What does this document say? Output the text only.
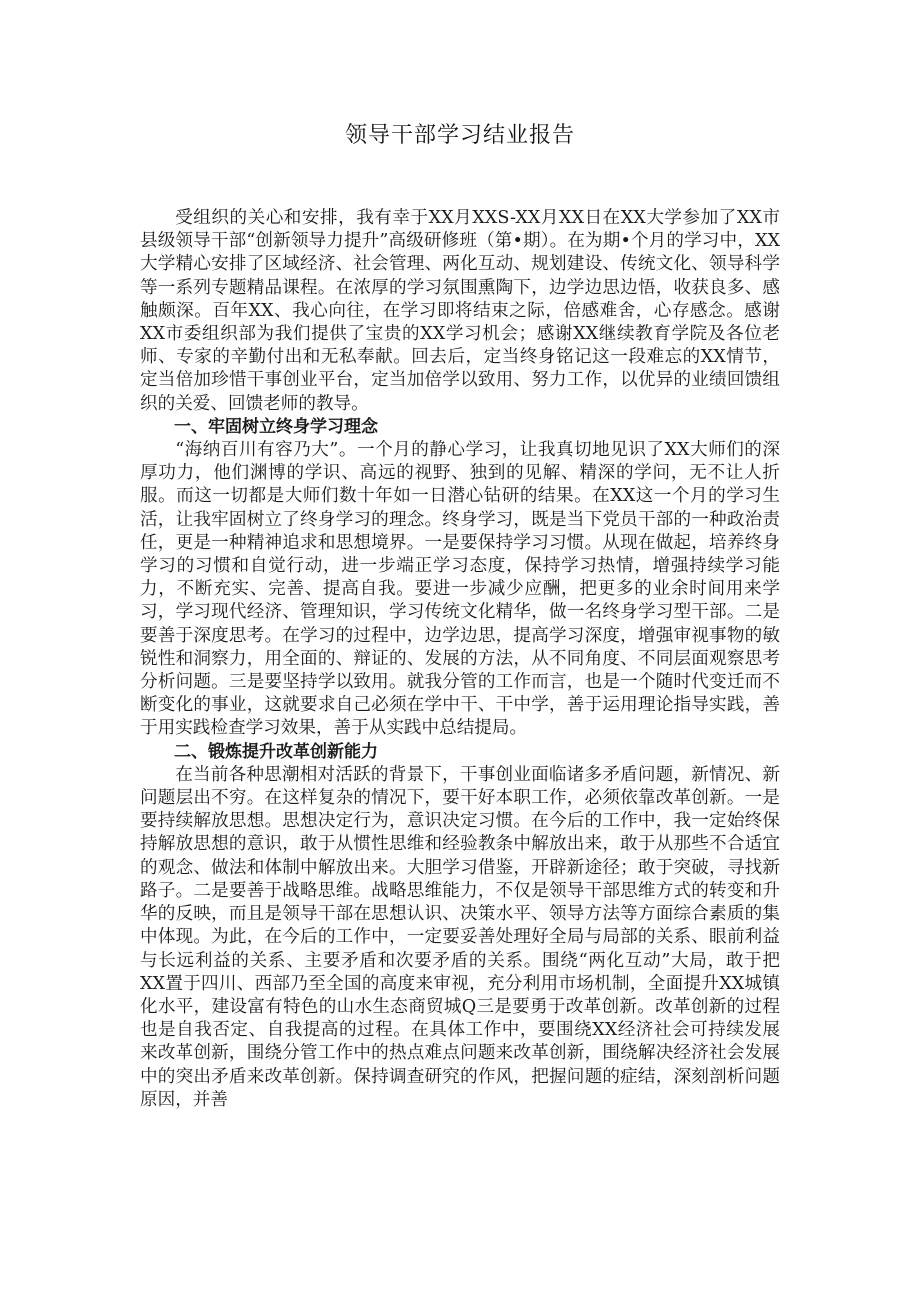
领导干部学习结业报告

受组织的关心和安排，我有幸于XX月XXS-XX月XX日在XX大学参加了XX市县级领导干部“创新领导力提升”高级研修班（第•期）。在为期•个月的学习中，XX大学精心安排了区域经济、社会管理、两化互动、规划建设、传统文化、领导科学等一系列专题精品课程。在浓厚的学习氛围熏陶下，边学边思边悟，收获良多、感触颇深。百年XX、我心向往，在学习即将结束之际，倍感难舍，心存感念。感谢XX市委组织部为我们提供了宝贵的XX学习机会；感谢XX继续教育学院及各位老师、专家的辛勤付出和无私奉献。回去后，定当终身铭记这一段难忘的XX情节，定当倍加珍惜干事创业平台，定当加倍学以致用、努力工作，以优异的业绩回馈组织的关爱、回馈老师的教导。

一、牢固树立终身学习理念

“海纳百川有容乃大”。一个月的静心学习，让我真切地见识了XX大师们的深厚功力，他们渊博的学识、高远的视野、独到的见解、精深的学问，无不让人折服。而这一切都是大师们数十年如一日潜心钻研的结果。在XX这一个月的学习生活，让我牢固树立了终身学习的理念。终身学习，既是当下党员干部的一种政治责任，更是一种精神追求和思想境界。一是要保持学习习惯。从现在做起，培养终身学习的习惯和自觉行动，进一步端正学习态度，保持学习热情，增强持续学习能力，不断充实、完善、提高自我。要进一步减少应酬，把更多的业余时间用来学习，学习现代经济、管理知识，学习传统文化精华，做一名终身学习型干部。二是要善于深度思考。在学习的过程中，边学边思，提高学习深度，增强审视事物的敏锐性和洞察力，用全面的、辩证的、发展的方法，从不同角度、不同层面观察思考分析问题。三是要坚持学以致用。就我分管的工作而言，也是一个随时代变迁而不断变化的事业，这就要求自己必须在学中干、干中学，善于运用理论指导实践，善于用实践检查学习效果，善于从实践中总结提局。

二、锻炼提升改革创新能力

在当前各种思潮相对活跃的背景下，干事创业面临诸多矛盾问题，新情况、新问题层出不穷。在这样复杂的情况下，要干好本职工作，必须依靠改革创新。一是要持续解放思想。思想决定行为，意识决定习惯。在今后的工作中，我一定始终保持解放思想的意识，敢于从惯性思维和经验教条中解放出来，敢于从那些不合适宜的观念、做法和体制中解放出来。大胆学习借鉴，开辟新途径；敢于突破，寻找新路子。二是要善于战略思维。战略思维能力，不仅是领导干部思维方式的转变和升华的反映，而且是领导干部在思想认识、决策水平、领导方法等方面综合素质的集中体现。为此，在今后的工作中，一定要妥善处理好全局与局部的关系、眼前利益与长远利益的关系、主要矛盾和次要矛盾的关系。围绕“两化互动”大局，敢于把XX置于四川、西部乃至全国的高度来审视，充分利用市场机制，全面提升XX城镇化水平，建设富有特色的山水生态商贸城Q三是要勇于改革创新。改革创新的过程也是自我否定、自我提高的过程。在具体工作中，要围绕XX经济社会可持续发展来改革创新，围绕分管工作中的热点难点问题来改革创新，围绕解决经济社会发展中的突出矛盾来改革创新。保持调查研究的作风，把握问题的症结，深刻剖析问题原因，并善
